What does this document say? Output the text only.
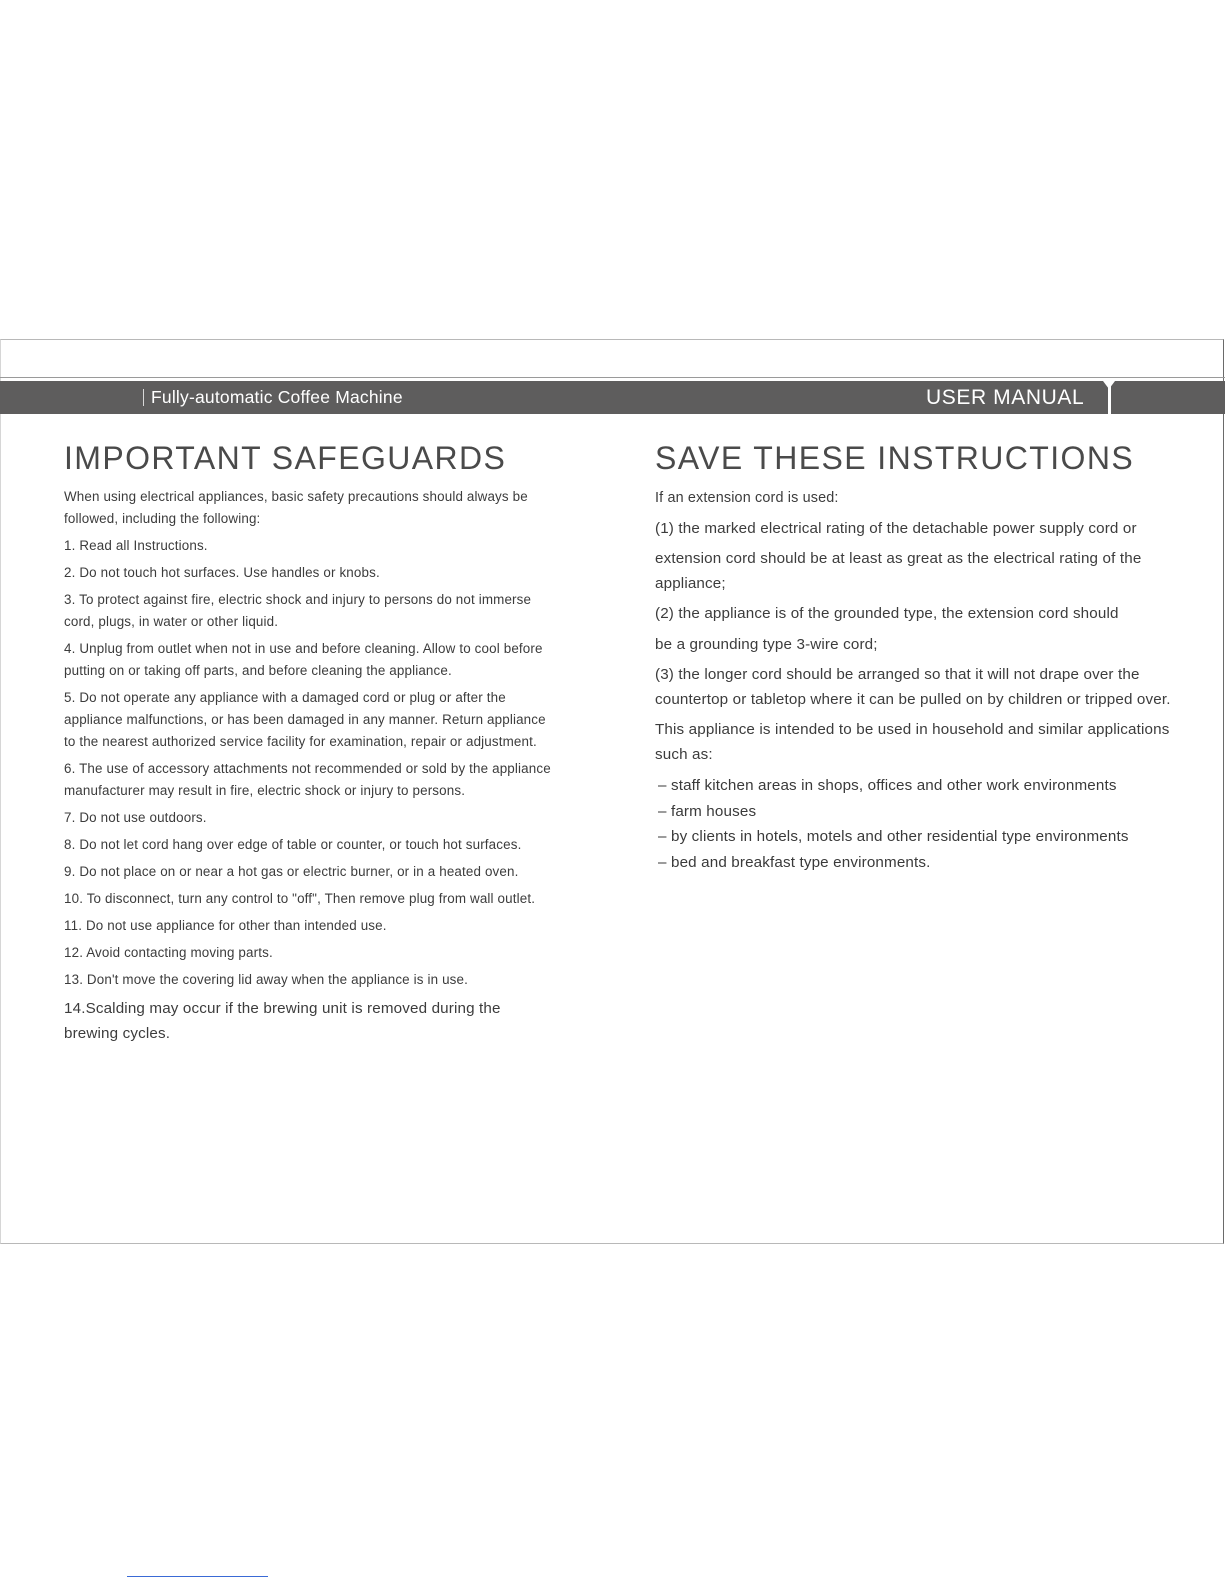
Fully-automatic Coffee Machine	USER MANUAL
IMPORTANT SAFEGUARDS

When using electrical appliances, basic safety precautions should always be followed, including the following:

1. Read all Instructions.

2. Do not touch hot surfaces. Use handles or knobs.

3. To protect against fire, electric shock and injury to persons do not immerse cord, plugs, in water or other liquid.

4. Unplug from outlet when not in use and before cleaning. Allow to cool before putting on or taking off parts, and before cleaning the appliance.

5. Do not operate any appliance with a damaged cord or plug or after the appliance malfunctions, or has been damaged in any manner. Return appliance to the nearest authorized service facility for examination, repair or adjustment.

6. The use of accessory attachments not recommended or sold by the appliance manufacturer may result in fire, electric shock or injury to persons.

7. Do not use outdoors.

8. Do not let cord hang over edge of table or counter, or touch hot surfaces.

9. Do not place on or near a hot gas or electric burner, or in a heated oven.

10. To disconnect, turn any control to "off", Then remove plug from wall outlet.

11. Do not use appliance for other than intended use.

12. Avoid contacting moving parts.

13. Don't move the covering lid away when the appliance is in use.

14.Scalding may occur if the brewing unit is removed during the brewing cycles.

SAVE THESE INSTRUCTIONS

If an extension cord is used:

(1) the marked electrical rating of the detachable power supply cord or

extension cord should be at least as great as the electrical rating of the appliance;

(2) the appliance is of the grounded type, the extension cord should

be a grounding type 3-wire cord;

(3) the longer cord should be arranged so that it will not drape over the countertop or tabletop where it can be pulled on by children or tripped over.

This appliance is intended to be used in household and similar applications such as:

– staff kitchen areas in shops, offices and other work environments
– farm houses
– by clients in hotels, motels and other residential type environments
– bed and breakfast type environments.
